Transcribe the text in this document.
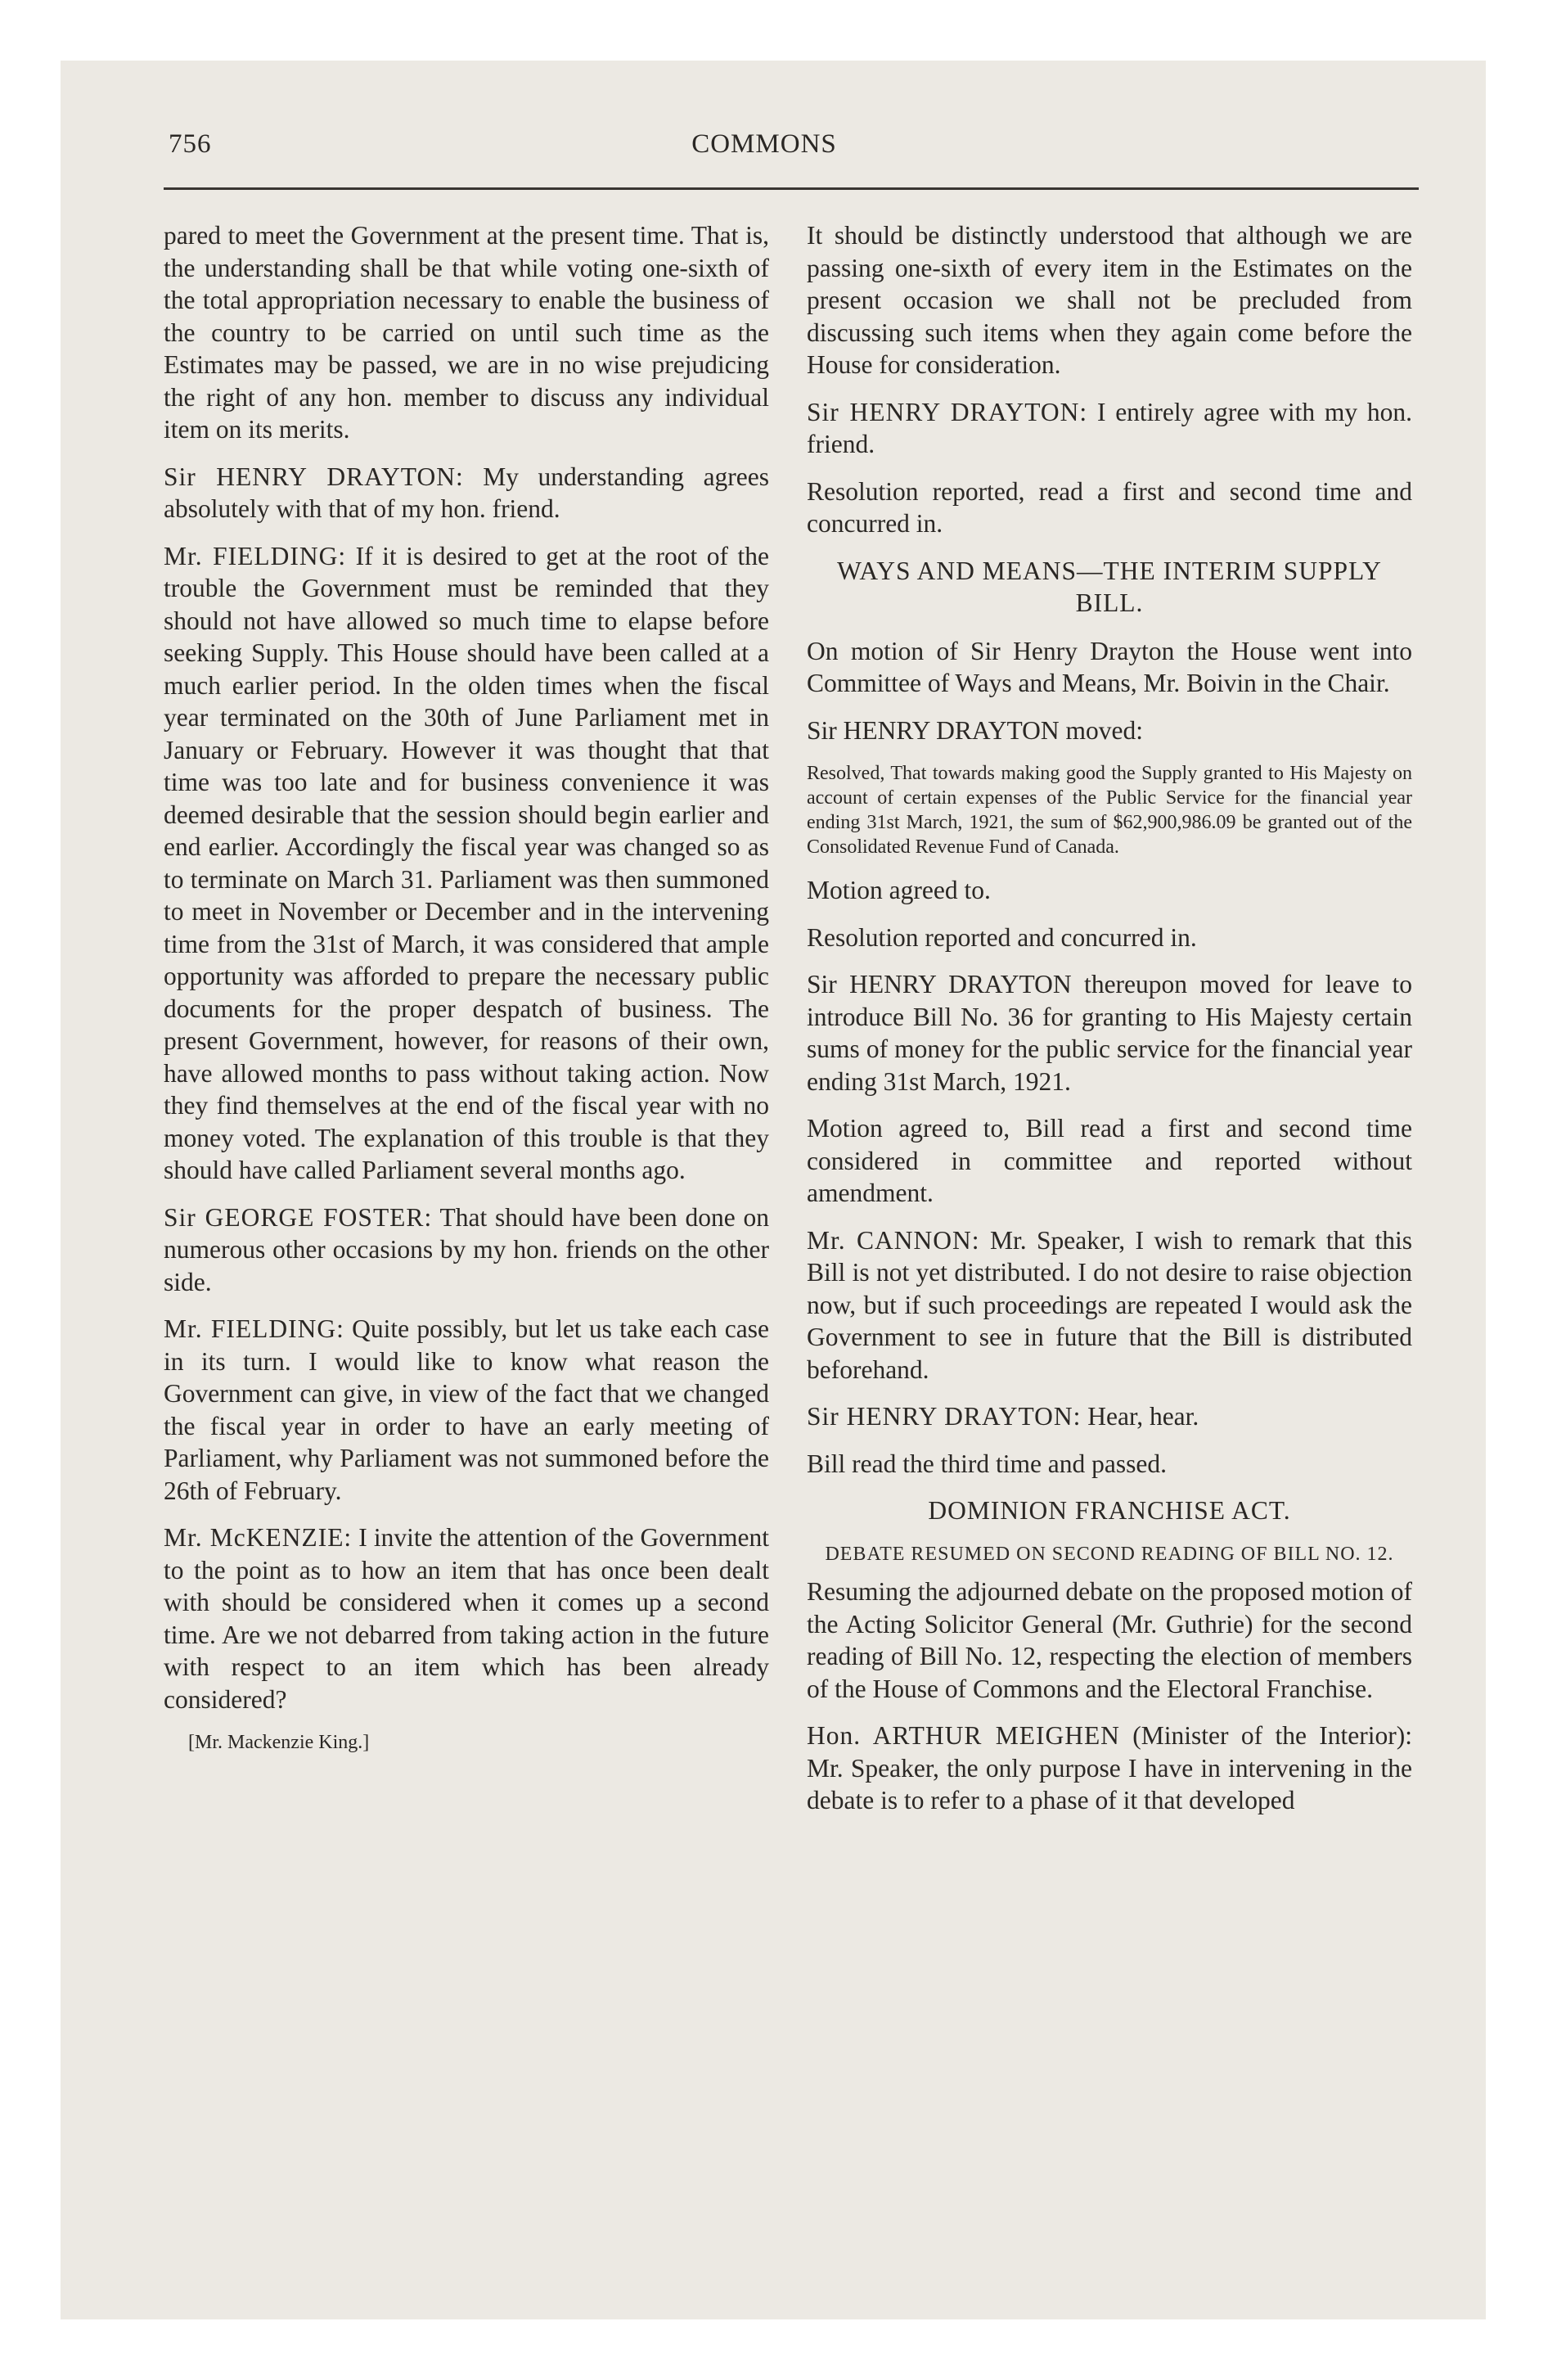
756	COMMONS

pared to meet the Government at the present time. That is, the understanding shall be that while voting one-sixth of the total appropriation necessary to enable the business of the country to be carried on until such time as the Estimates may be passed, we are in no wise prejudicing the right of any hon. member to discuss any individual item on its merits.

Sir HENRY DRAYTON: My understanding agrees absolutely with that of my hon. friend.

Mr. FIELDING: If it is desired to get at the root of the trouble the Government must be reminded that they should not have allowed so much time to elapse before seeking Supply. This House should have been called at a much earlier period. In the olden times when the fiscal year terminated on the 30th of June Parliament met in January or February. However it was thought that that time was too late and for business convenience it was deemed desirable that the session should begin earlier and end earlier. Accordingly the fiscal year was changed so as to terminate on March 31. Parliament was then summoned to meet in November or December and in the intervening time from the 31st of March, it was considered that ample opportunity was afforded to prepare the necessary public documents for the proper despatch of business. The present Government, however, for reasons of their own, have allowed months to pass without taking action. Now they find themselves at the end of the fiscal year with no money voted. The explanation of this trouble is that they should have called Parliament several months ago.

Sir GEORGE FOSTER: That should have been done on numerous other occasions by my hon. friends on the other side.

Mr. FIELDING: Quite possibly, but let us take each case in its turn. I would like to know what reason the Government can give, in view of the fact that we changed the fiscal year in order to have an early meeting of Parliament, why Parliament was not summoned before the 26th of February.

Mr. McKENZIE: I invite the attention of the Government to the point as to how an item that has once been dealt with should be considered when it comes up a second time. Are we not debarred from taking action in the future with respect to an item which has been already considered?

[Mr. Mackenzie King.]

It should be distinctly understood that although we are passing one-sixth of every item in the Estimates on the present occasion we shall not be precluded from discussing such items when they again come before the House for consideration.

Sir HENRY DRAYTON: I entirely agree with my hon. friend.

Resolution reported, read a first and second time and concurred in.

WAYS AND MEANS—THE INTERIM SUPPLY BILL.

On motion of Sir Henry Drayton the House went into Committee of Ways and Means, Mr. Boivin in the Chair.

Sir HENRY DRAYTON moved:

Resolved, That towards making good the Supply granted to His Majesty on account of certain expenses of the Public Service for the financial year ending 31st March, 1921, the sum of $62,900,986.09 be granted out of the Consolidated Revenue Fund of Canada.

Motion agreed to.

Resolution reported and concurred in.

Sir HENRY DRAYTON thereupon moved for leave to introduce Bill No. 36 for granting to His Majesty certain sums of money for the public service for the financial year ending 31st March, 1921.

Motion agreed to, Bill read a first and second time considered in committee and reported without amendment.

Mr. CANNON: Mr. Speaker, I wish to remark that this Bill is not yet distributed. I do not desire to raise objection now, but if such proceedings are repeated I would ask the Government to see in future that the Bill is distributed beforehand.

Sir HENRY DRAYTON: Hear, hear.

Bill read the third time and passed.

DOMINION FRANCHISE ACT.
DEBATE RESUMED ON SECOND READING OF BILL NO. 12.

Resuming the adjourned debate on the proposed motion of the Acting Solicitor General (Mr. Guthrie) for the second reading of Bill No. 12, respecting the election of members of the House of Commons and the Electoral Franchise.

Hon. ARTHUR MEIGHEN (Minister of the Interior): Mr. Speaker, the only purpose I have in intervening in the debate is to refer to a phase of it that developed
